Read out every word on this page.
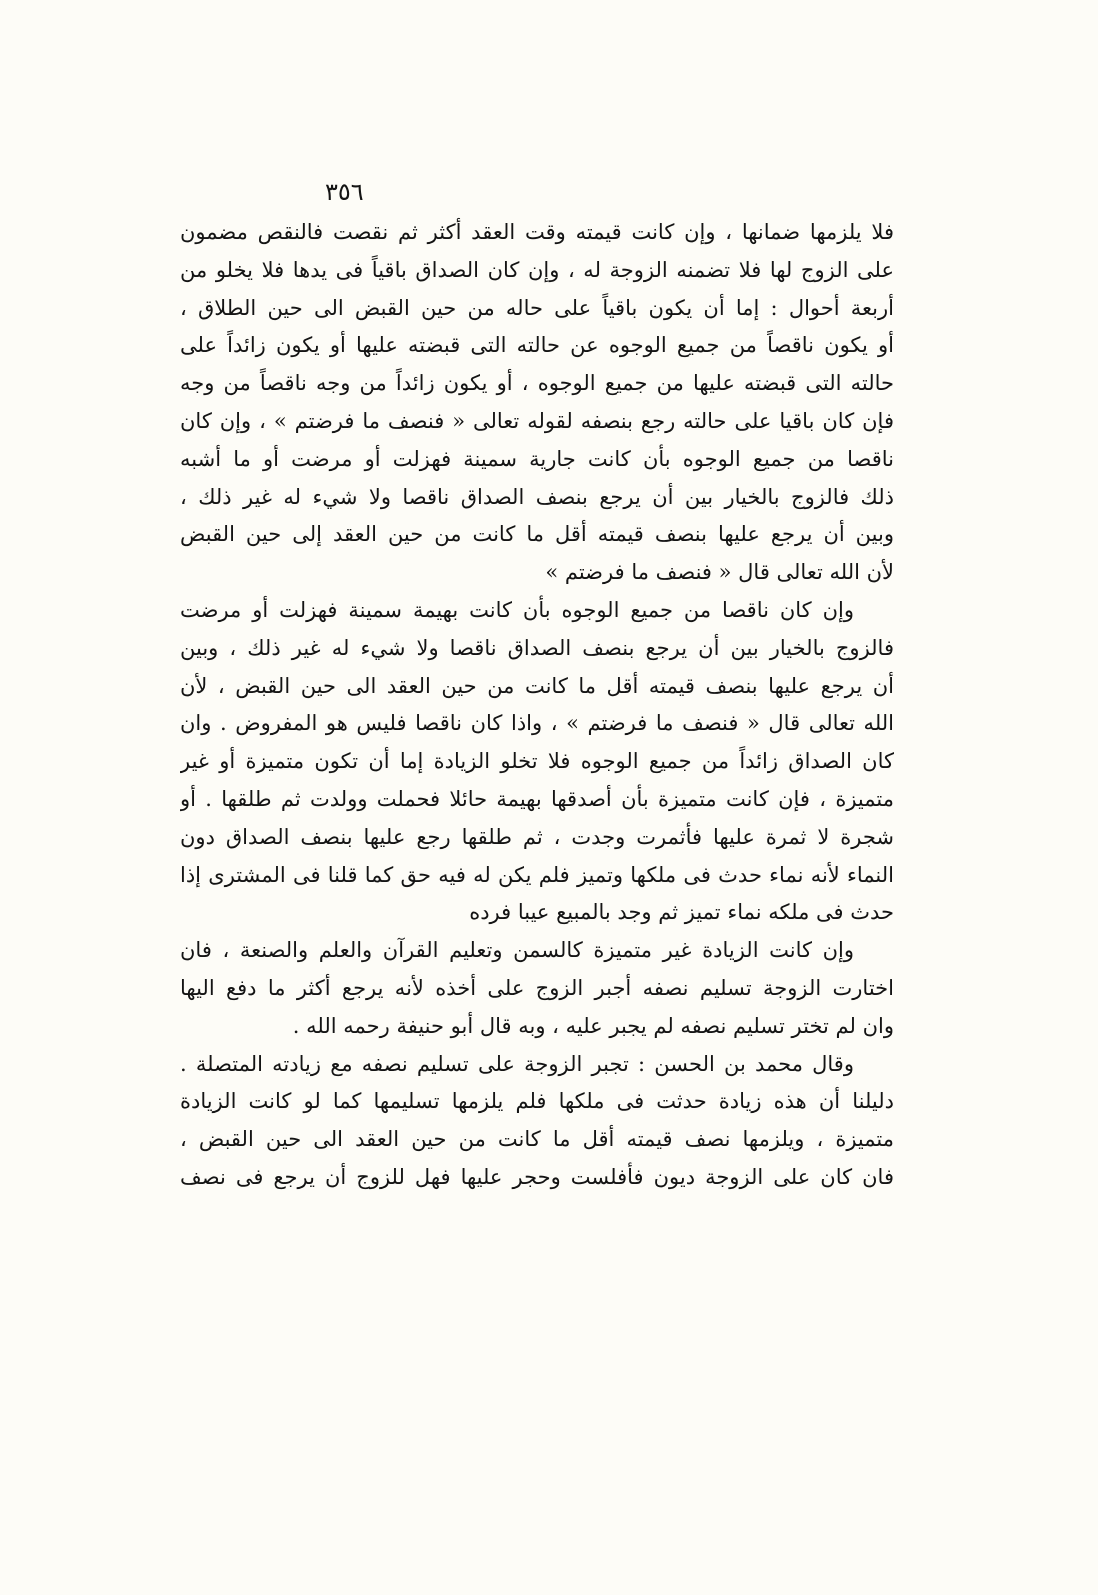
٣٥٦
فلا يلزمها ضمانها ، وإن كانت قيمته وقت العقد أكثر ثم نقصت فالنقص مضمون
على الزوج لها فلا تضمنه الزوجة له ، وإن كان الصداق باقياً فى يدها فلا يخلو من
أربعة أحوال : إما أن يكون باقياً على حاله من حين القبض الى حين الطلاق ،
أو يكون ناقصاً من جميع الوجوه عن حالته التى قبضته عليها أو يكون زائداً على
حالته التى قبضته عليها من جميع الوجوه ، أو يكون زائداً من وجه ناقصاً من وجه
فإن كان باقيا على حالته رجع بنصفه لقوله تعالى « فنصف ما فرضتم » ، وإن كان
ناقصا من جميع الوجوه بأن كانت جارية سمينة فهزلت أو مرضت أو ما أشبه
ذلك فالزوج بالخيار بين أن يرجع بنصف الصداق ناقصا ولا شيء له غير ذلك ،
وبين أن يرجع عليها بنصف قيمته أقل ما كانت من حين العقد إلى حين القبض
لأن الله تعالى قال « فنصف ما فرضتم »
وإن كان ناقصا من جميع الوجوه بأن كانت بهيمة سمينة فهزلت أو مرضت
فالزوج بالخيار بين أن يرجع بنصف الصداق ناقصا ولا شيء له غير ذلك ، وبين
أن يرجع عليها بنصف قيمته أقل ما كانت من حين العقد الى حين القبض ، لأن
الله تعالى قال « فنصف ما فرضتم » ، واذا كان ناقصا فليس هو المفروض . وان
كان الصداق زائداً من جميع الوجوه فلا تخلو الزيادة إما أن تكون متميزة أو غير
متميزة ، فإن كانت متميزة بأن أصدقها بهيمة حائلا فحملت وولدت ثم طلقها . أو
شجرة لا ثمرة عليها فأثمرت وجدت ، ثم طلقها رجع عليها بنصف الصداق دون
النماء لأنه نماء حدث فى ملكها وتميز فلم يكن له فيه حق كما قلنا فى المشترى إذا
حدث فى ملكه نماء تميز ثم وجد بالمبيع عيبا فرده
وإن كانت الزيادة غير متميزة كالسمن وتعليم القرآن والعلم والصنعة ، فان
اختارت الزوجة تسليم نصفه أجبر الزوج على أخذه لأنه يرجع أكثر ما دفع اليها
وان لم تختر تسليم نصفه لم يجبر عليه ، وبه قال أبو حنيفة رحمه الله .
وقال محمد بن الحسن : تجبر الزوجة على تسليم نصفه مع زيادته المتصلة .
دليلنا أن هذه زيادة حدثت فى ملكها فلم يلزمها تسليمها كما لو كانت الزيادة
متميزة ، ويلزمها نصف قيمته أقل ما كانت من حين العقد الى حين القبض ،
فان كان على الزوجة ديون فأفلست وحجر عليها فهل للزوج أن يرجع فى نصف
